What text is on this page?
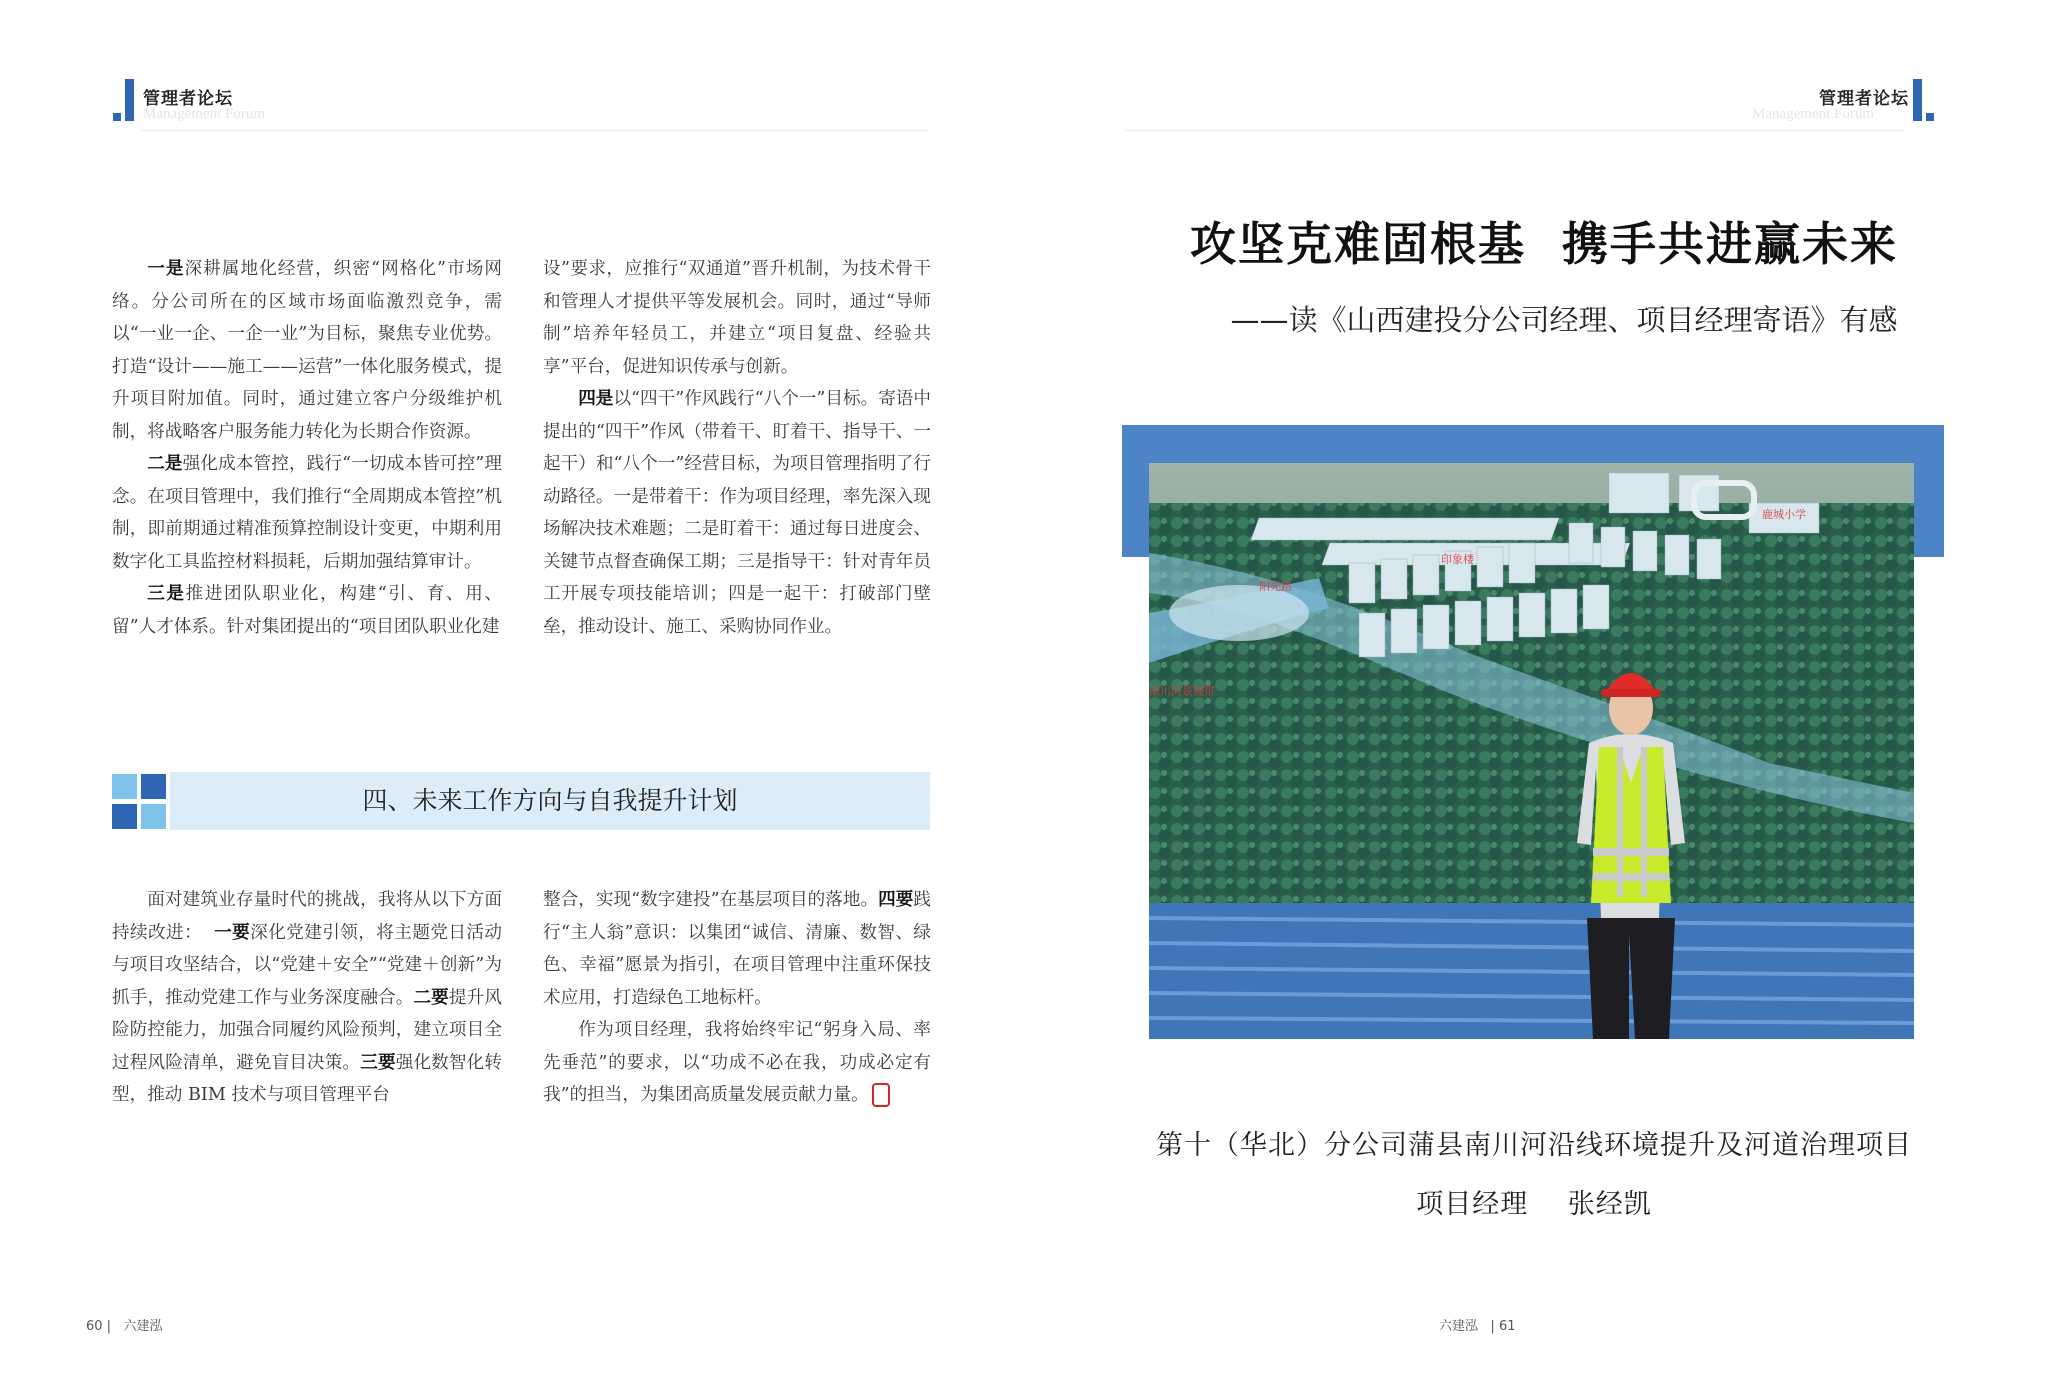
管理者论坛
Management Forum

一是深耕属地化经营，织密“网格化”市场网络。分公司所在的区域市场面临激烈竞争，需以“一业一企、一企一业”为目标，聚焦专业优势。打造“设计——施工——运营”一体化服务模式，提升项目附加值。同时，通过建立客户分级维护机制，将战略客户服务能力转化为长期合作资源。

二是强化成本管控，践行“一切成本皆可控”理念。在项目管理中，我们推行“全周期成本管控”机制，即前期通过精准预算控制设计变更，中期利用数字化工具监控材料损耗，后期加强结算审计。

三是推进团队职业化，构建“引、育、用、留”人才体系。针对集团提出的“项目团队职业化建

设”要求，应推行“双通道”晋升机制，为技术骨干和管理人才提供平等发展机会。同时，通过“导师制”培养年轻员工，并建立“项目复盘、经验共享”平台，促进知识传承与创新。

四是以“四干”作风践行“八个一”目标。寄语中提出的“四干”作风（带着干、盯着干、指导干、一起干）和“八个一”经营目标，为项目管理指明了行动路径。一是带着干：作为项目经理，率先深入现场解决技术难题；二是盯着干：通过每日进度会、关键节点督查确保工期；三是指导干：针对青年员工开展专项技能培训；四是一起干：打破部门壁垒，推动设计、施工、采购协同作业。

四、未来工作方向与自我提升计划

面对建筑业存量时代的挑战，我将从以下方面持续改进： 一要深化党建引领，将主题党日活动与项目攻坚结合，以“党建＋安全”“党建＋创新”为抓手，推动党建工作与业务深度融合。二要提升风险防控能力，加强合同履约风险预判，建立项目全过程风险清单，避免盲目决策。三要强化数智化转型，推动 BIM 技术与项目管理平台

整合，实现“数字建投”在基层项目的落地。四要践行“主人翁”意识：以集团“诚信、清廉、数智、绿色、幸福”愿景为指引，在项目管理中注重环保技术应用，打造绿色工地标杆。

作为项目经理，我将始终牢记“躬身入局、率先垂范”的要求，以“功成不必在我，功成必定有我”的担当，为集团高质量发展贡献力量。

60 |   六建泓
管理者论坛
Management Forum
攻坚克难固根基  携手共进赢未来
——读《山西建投分公司经理、项目经理寄语》有感
鹿城小学
印象楼
阳光路
南川河景观带
第十（华北）分公司蒲县南川河沿线环境提升及河道治理项目
项目经理 张经凯
六建泓   | 61
